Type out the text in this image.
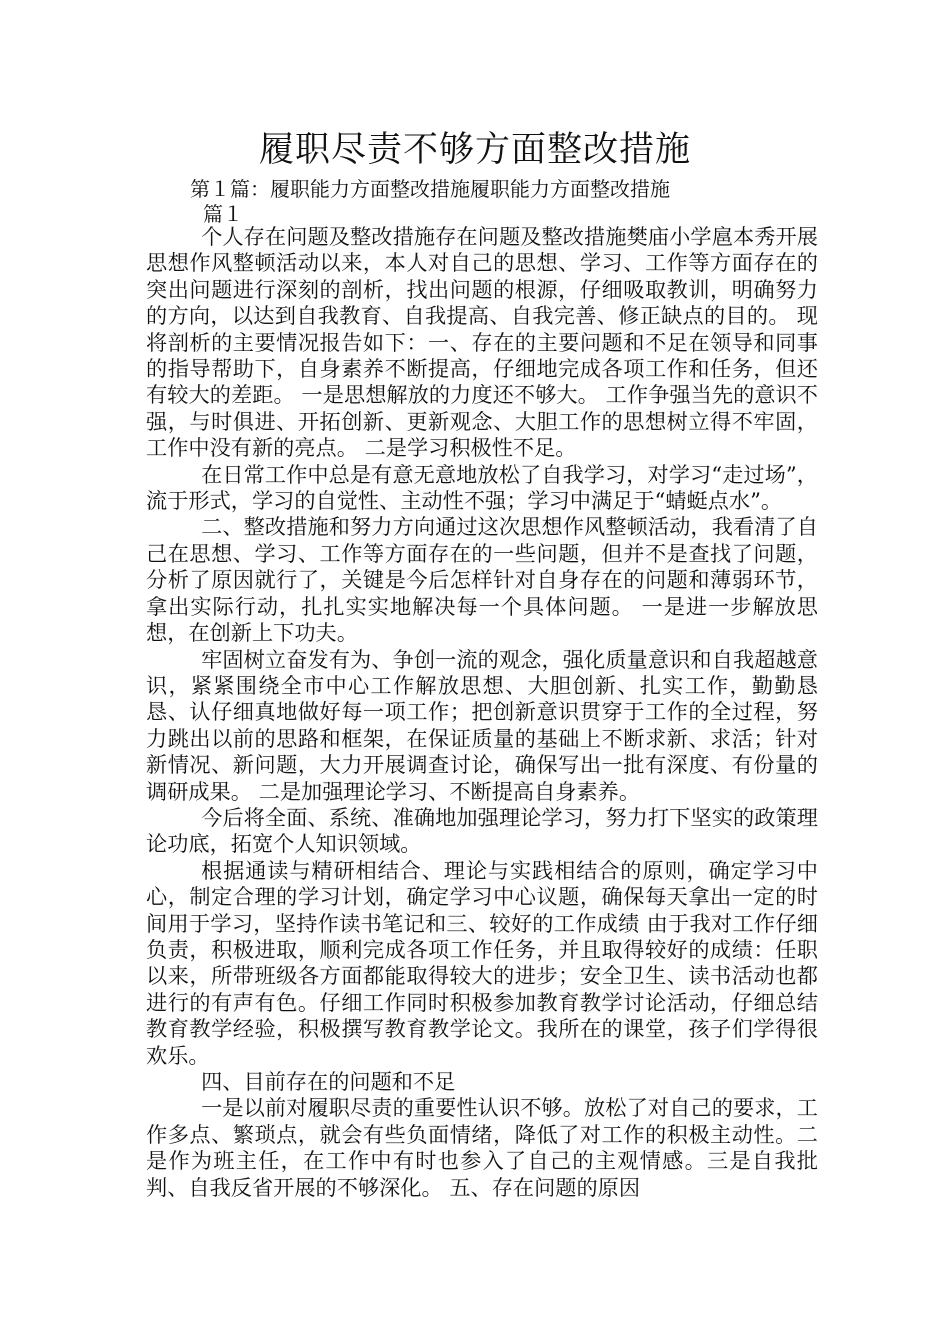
履职尽责不够方面整改措施

第１篇：履职能力方面整改措施履职能力方面整改措施

篇１

个人存在问题及整改措施存在问题及整改措施樊庙小学扈本秀开展思想作风整顿活动以来，本人对自己的思想、学习、工作等方面存在的突出问题进行深刻的剖析，找出问题的根源，仔细吸取教训，明确努力的方向，以达到自我教育、自我提高、自我完善、修正缺点的目的。 现将剖析的主要情况报告如下：一、存在的主要问题和不足在领导和同事的指导帮助下，自身素养不断提高，仔细地完成各项工作和任务，但还有较大的差距。 一是思想解放的力度还不够大。 工作争强当先的意识不强，与时俱进、开拓创新、更新观念、大胆工作的思想树立得不牢固，工作中没有新的亮点。 二是学习积极性不足。

在日常工作中总是有意无意地放松了自我学习，对学习“走过场”，流于形式，学习的自觉性、主动性不强；学习中满足于“蜻蜓点水”。

二、整改措施和努力方向通过这次思想作风整顿活动，我看清了自己在思想、学习、工作等方面存在的一些问题，但并不是查找了问题，分析了原因就行了，关键是今后怎样针对自身存在的问题和薄弱环节，拿出实际行动，扎扎实实地解决每一个具体问题。 一是进一步解放思想，在创新上下功夫。

牢固树立奋发有为、争创一流的观念，强化质量意识和自我超越意识，紧紧围绕全市中心工作解放思想、大胆创新、扎实工作，勤勤恳恳、认仔细真地做好每一项工作；把创新意识贯穿于工作的全过程，努力跳出以前的思路和框架，在保证质量的基础上不断求新、求活；针对新情况、新问题，大力开展调查讨论，确保写出一批有深度、有份量的调研成果。 二是加强理论学习、不断提高自身素养。

今后将全面、系统、准确地加强理论学习，努力打下坚实的政策理论功底，拓宽个人知识领域。

根据通读与精研相结合、理论与实践相结合的原则，确定学习中心，制定合理的学习计划，确定学习中心议题，确保每天拿出一定的时间用于学习，坚持作读书笔记和三、较好的工作成绩 由于我对工作仔细负责，积极进取，顺利完成各项工作任务，并且取得较好的成绩：任职以来，所带班级各方面都能取得较大的进步；安全卫生、读书活动也都进行的有声有色。仔细工作同时积极参加教育教学讨论活动，仔细总结教育教学经验，积极撰写教育教学论文。我所在的课堂，孩子们学得很欢乐。

四、目前存在的问题和不足

一是以前对履职尽责的重要性认识不够。放松了对自己的要求，工作多点、繁琐点，就会有些负面情绪，降低了对工作的积极主动性。二是作为班主任，在工作中有时也参入了自己的主观情感。三是自我批判、自我反省开展的不够深化。 五、存在问题的原因
